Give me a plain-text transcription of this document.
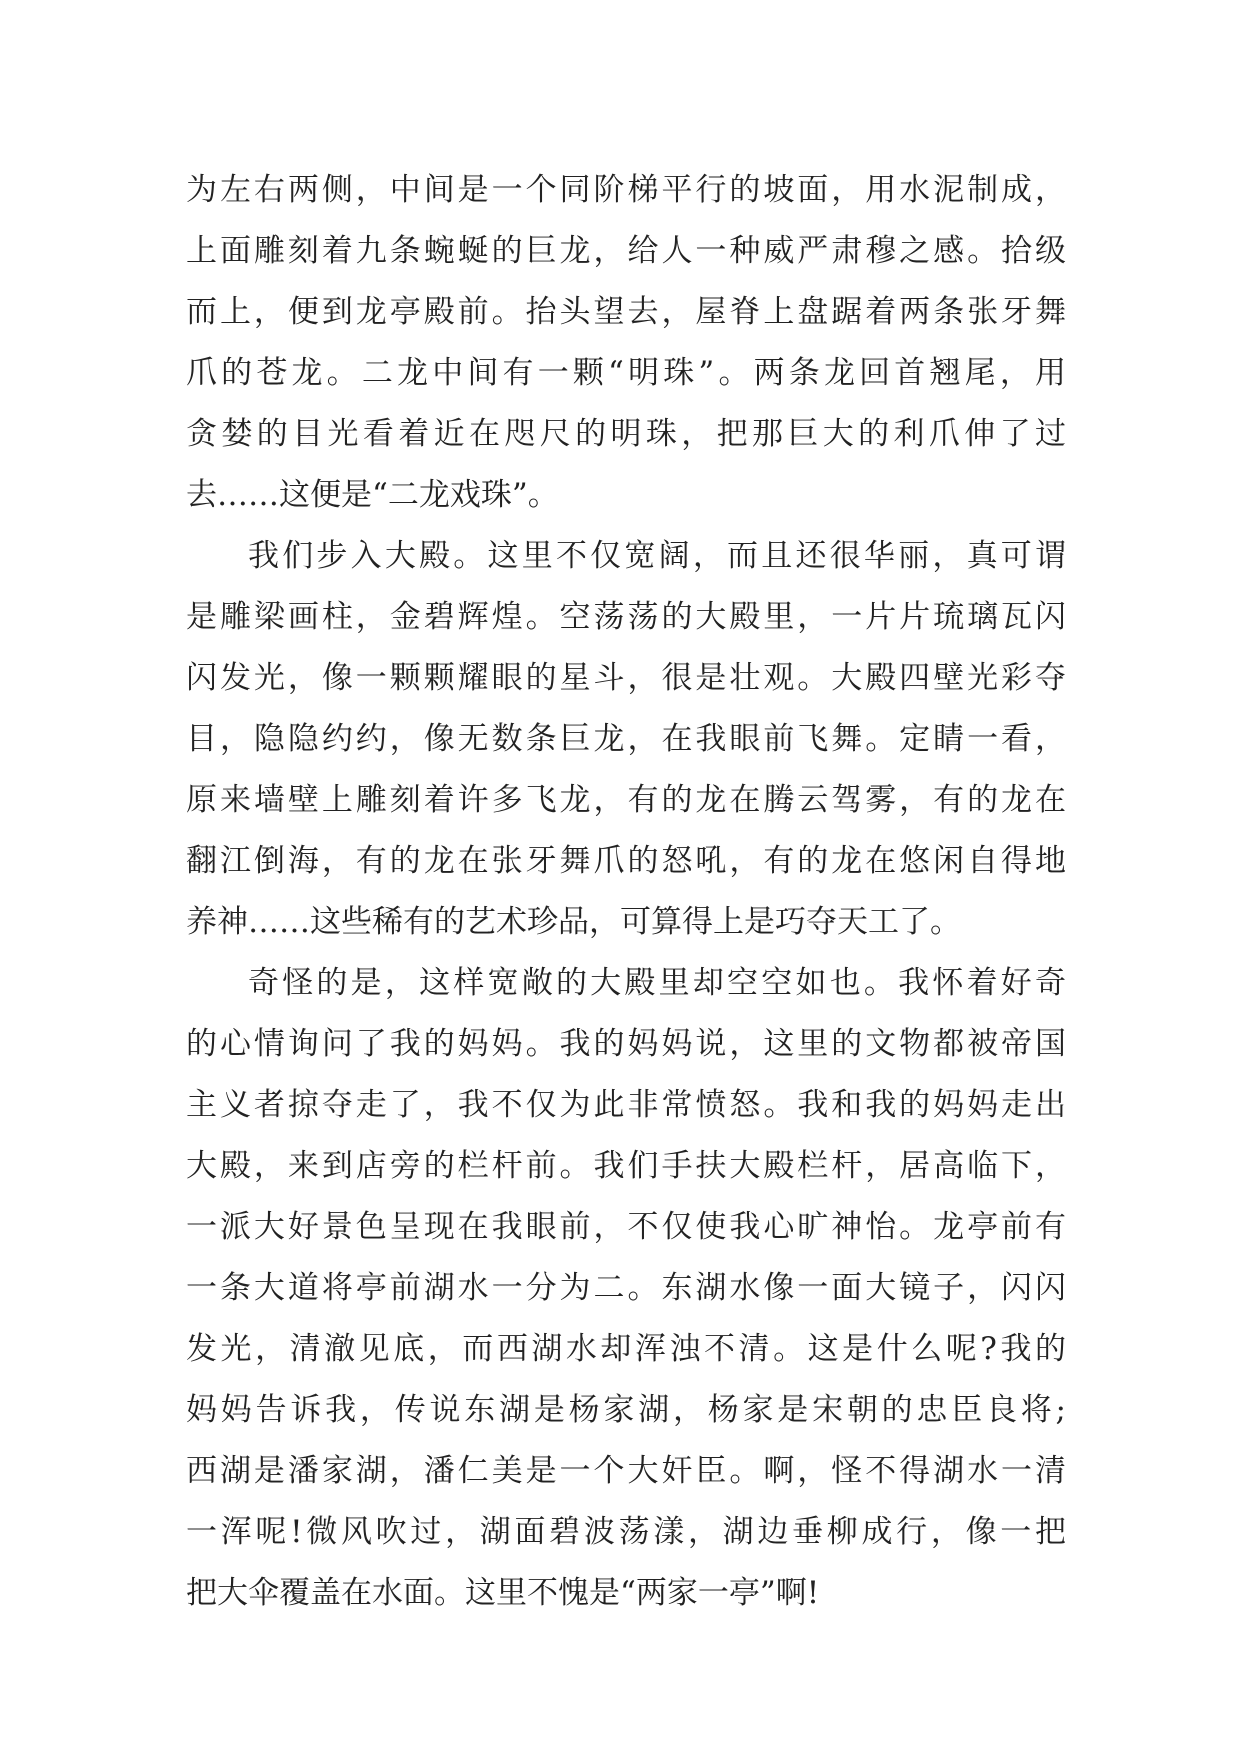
为左右两侧，中间是一个同阶梯平行的坡面，用水泥制成，
上面雕刻着九条蜿蜒的巨龙，给人一种威严肃穆之感。拾级
而上，便到龙亭殿前。抬头望去，屋脊上盘踞着两条张牙舞
爪的苍龙。二龙中间有一颗“明珠”。两条龙回首翘尾，用
贪婪的目光看着近在咫尺的明珠，把那巨大的利爪伸了过
去……这便是“二龙戏珠”。
我们步入大殿。这里不仅宽阔，而且还很华丽，真可谓
是雕梁画柱，金碧辉煌。空荡荡的大殿里，一片片琉璃瓦闪
闪发光，像一颗颗耀眼的星斗，很是壮观。大殿四壁光彩夺
目，隐隐约约，像无数条巨龙，在我眼前飞舞。定睛一看，
原来墙壁上雕刻着许多飞龙，有的龙在腾云驾雾，有的龙在
翻江倒海，有的龙在张牙舞爪的怒吼，有的龙在悠闲自得地
养神……这些稀有的艺术珍品，可算得上是巧夺天工了。
奇怪的是，这样宽敞的大殿里却空空如也。我怀着好奇
的心情询问了我的妈妈。我的妈妈说，这里的文物都被帝国
主义者掠夺走了，我不仅为此非常愤怒。我和我的妈妈走出
大殿，来到店旁的栏杆前。我们手扶大殿栏杆，居高临下，
一派大好景色呈现在我眼前，不仅使我心旷神怡。龙亭前有
一条大道将亭前湖水一分为二。东湖水像一面大镜子，闪闪
发光，清澈见底，而西湖水却浑浊不清。这是什么呢?我的
妈妈告诉我，传说东湖是杨家湖，杨家是宋朝的忠臣良将;
西湖是潘家湖，潘仁美是一个大奸臣。啊，怪不得湖水一清
一浑呢!微风吹过，湖面碧波荡漾，湖边垂柳成行，像一把
把大伞覆盖在水面。这里不愧是“两家一亭”啊!
